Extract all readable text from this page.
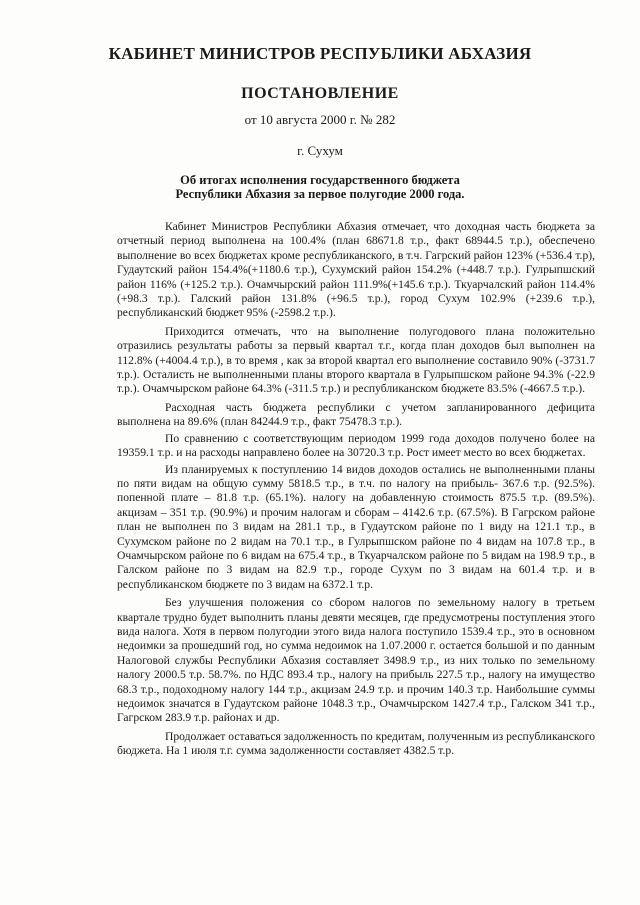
КАБИНЕТ МИНИСТРОВ РЕСПУБЛИКИ АБХАЗИЯ
ПОСТАНОВЛЕНИЕ
от 10 августа 2000 г. № 282
г. Сухум
Об итогах исполнения государственного бюджета
Республики Абхазия за первое полугодие 2000 года.

Кабинет Министров Республики Абхазия отмечает, что доходная часть бюджета за отчетный период выполнена на 100.4% (план 68671.8 т.р., факт 68944.5 т.р.), обеспечено выполнение во всех бюджетах кроме республиканского, в т.ч. Гагрский район 123% (+536.4 т.р), Гудаутский район 154.4%(+1180.6 т.р.), Сухумский район 154.2% (+448.7 т.р.). Гулрыпшский район 116% (+125.2 т.р.). Очамчырский район 111.9%(+145.6 т.р.). Ткуарчалский район 114.4% (+98.3 т.р.). Галский район 131.8% (+96.5 т.р.), город Сухум 102.9% (+239.6 т.р.), республиканский бюджет 95% (-2598.2 т.р.).

Приходится отмечать, что на выполнение полугодового плана положительно отразились результаты работы за первый квартал т.г., когда план доходов был выполнен на 112.8% (+4004.4 т.р.), в то время , как за второй квартал его выполнение составило 90% (-3731.7 т.р.). Осталисть не выполненными планы второго квартала в Гулрыпшском районе 94.3% (-22.9 т.р.). Очамчырском районе 64.3% (-311.5 т.р.) и республиканском бюджете 83.5% (-4667.5 т.р.).

Расходная часть бюджета республики с учетом запланированного дефицита выполнена на 89.6% (план 84244.9 т.р., факт 75478.3 т.р.).

По сравнению с соответствующим периодом 1999 года доходов получено более на 19359.1 т.р. и на расходы направлено более на 30720.3 т.р. Рост имеет место во всех бюджетах.

Из планируемых к поступлению 14 видов доходов остались не выполненными планы по пяти видам на общую сумму 5818.5 т.р., в т.ч. по налогу на прибыль- 367.6 т.р. (92.5%). попенной плате – 81.8 т.р. (65.1%). налогу на добавленную стоимость 875.5 т.р. (89.5%). акцизам – 351 т.р. (90.9%) и прочим налогам и сборам – 4142.6 т.р. (67.5%). В Гагрском районе план не выполнен по 3 видам на 281.1 т.р., в Гудаутском районе по 1 виду на 121.1 т.р., в Сухумском районе по 2 видам на 70.1 т.р., в Гулрыпшском районе по 4 видам на 107.8 т.р., в Очамчырском районе по 6 видам на 675.4 т.р., в Ткуарчалском районе по 5 видам на 198.9 т.р., в Галском районе по 3 видам на 82.9 т.р., городе Сухум по 3 видам на 601.4 т.р. и в республиканском бюджете по 3 видам на 6372.1 т.р.

Без улучшения положения со сбором налогов по земельному налогу в третьем квартале трудно будет выполнить планы девяти месяцев, где предусмотрены поступления этого вида налога. Хотя в первом полугодии этого вида налога поступило 1539.4 т.р., это в основном недоимки за прошедший год, но сумма недоимок на 1.07.2000 г. остается большой и по данным Налоговой службы Республики Абхазия составляет 3498.9 т.р., из них только по земельному налогу 2000.5 т.р. 58.7%. по НДС 893.4 т.р., налогу на прибыль 227.5 т.р., налогу на имущество 68.3 т.р., подоходному налогу 144 т.р., акцизам 24.9 т.р. и прочим 140.3 т.р. Наибольшие суммы недоимок значатся в Гудаутском районе 1048.3 т.р., Очамчырском 1427.4 т.р., Галском 341 т.р., Гагрском 283.9 т.р. районах и др.

Продолжает оставаться задолженность по кредитам, полученным из республиканского бюджета. На 1 июля т.г. сумма задолженности составляет 4382.5 т.р.
